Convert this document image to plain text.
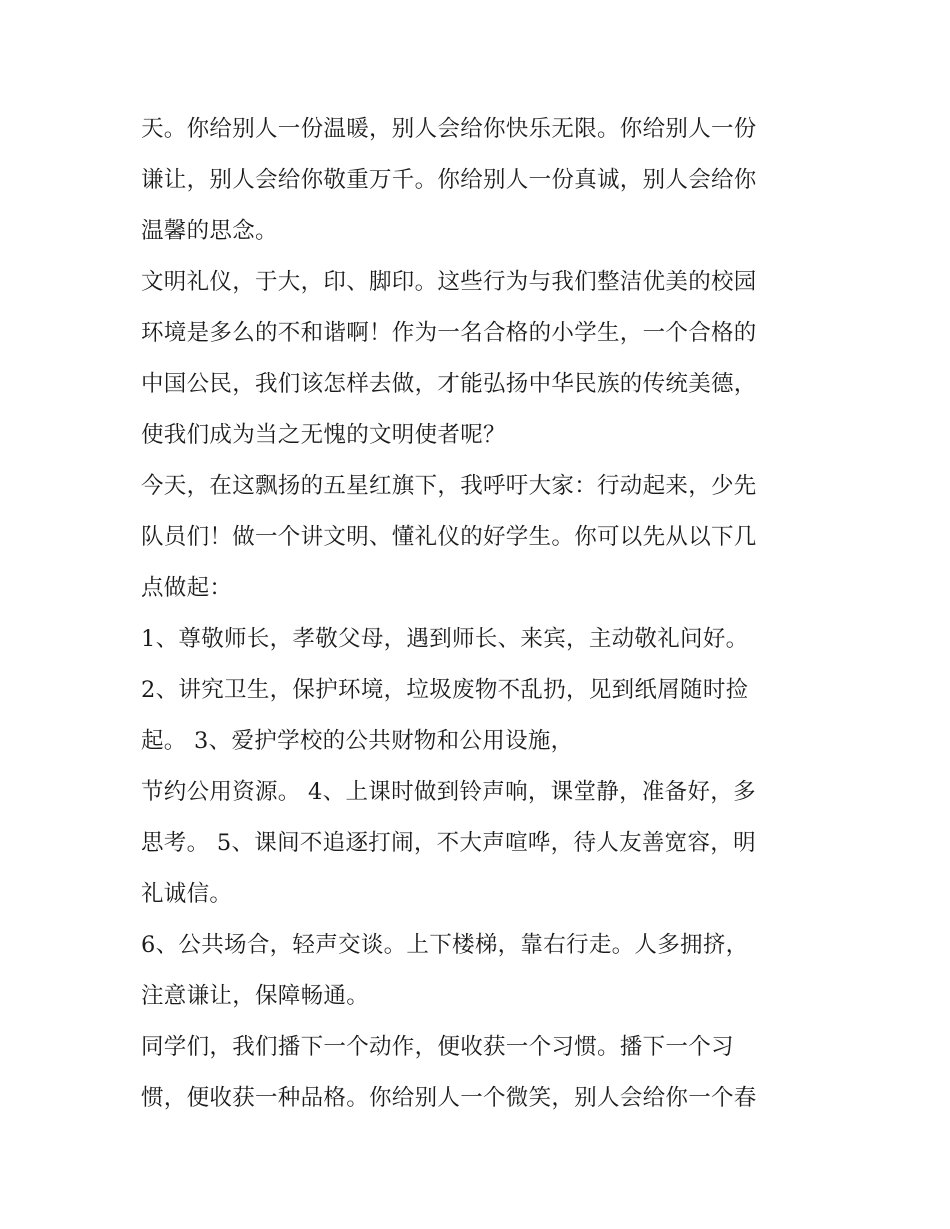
天。你给别人一份温暖，别人会给你快乐无限。你给别人一份
谦让，别人会给你敬重万千。你给别人一份真诚，别人会给你
温馨的思念。
文明礼仪，于大，印、脚印。这些行为与我们整洁优美的校园
环境是多么的不和谐啊！作为一名合格的小学生，一个合格的
中国公民，我们该怎样去做，才能弘扬中华民族的传统美德，
使我们成为当之无愧的文明使者呢？
今天，在这飘扬的五星红旗下，我呼吁大家：行动起来，少先
队员们！做一个讲文明、懂礼仪的好学生。你可以先从以下几
点做起：
1、尊敬师长，孝敬父母，遇到师长、来宾，主动敬礼问好。
2、讲究卫生，保护环境，垃圾废物不乱扔，见到纸屑随时捡
起。 3、爱护学校的公共财物和公用设施，
节约公用资源。 4、上课时做到铃声响，课堂静，准备好，多
思考。 5、课间不追逐打闹，不大声喧哗，待人友善宽容，明
礼诚信。
6、公共场合，轻声交谈。上下楼梯，靠右行走。人多拥挤，
注意谦让，保障畅通。
同学们，我们播下一个动作，便收获一个习惯。播下一个习
惯，便收获一种品格。你给别人一个微笑，别人会给你一个春
